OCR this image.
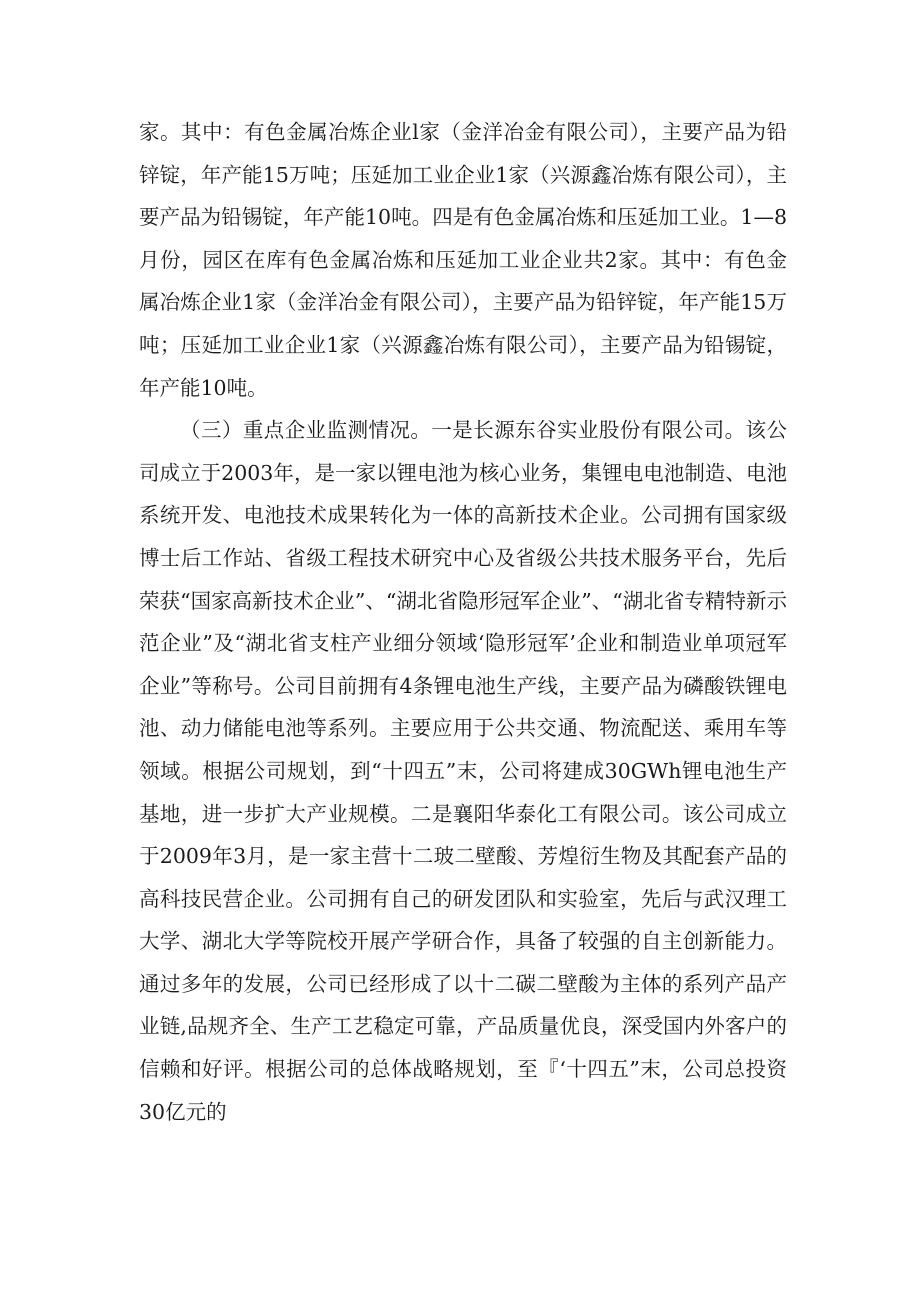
家。其中：有色金属冶炼企业l家（金洋冶金有限公司），主要产品为铅锌锭，年产能15万吨；压延加工业企业1家（兴源鑫冶炼有限公司），主要产品为铅锡锭，年产能10吨。四是有色金属冶炼和压延加工业。1—8月份，园区在库有色金属冶炼和压延加工业企业共2家。其中：有色金属冶炼企业1家（金洋冶金有限公司），主要产品为铅锌锭，年产能15万吨；压延加工业企业1家（兴源鑫冶炼有限公司），主要产品为铅锡锭，年产能10吨。

（三）重点企业监测情况。一是长源东谷实业股份有限公司。该公司成立于2003年，是一家以锂电池为核心业务，集锂电电池制造、电池系统开发、电池技术成果转化为一体的高新技术企业。公司拥有国家级博士后工作站、省级工程技术研究中心及省级公共技术服务平台，先后荣获“国家高新技术企业”、“湖北省隐形冠军企业”、“湖北省专精特新示范企业”及“湖北省支柱产业细分领域‘隐形冠军’企业和制造业单项冠军企业”等称号。公司目前拥有4条锂电池生产线，主要产品为磷酸铁锂电池、动力储能电池等系列。主要应用于公共交通、物流配送、乘用车等领域。根据公司规划，到“十四五”末，公司将建成30GWh锂电池生产基地，进一步扩大产业规模。二是襄阳华泰化工有限公司。该公司成立于2009年3月，是一家主营十二玻二壁酸、芳煌衍生物及其配套产品的高科技民营企业。公司拥有自己的研发团队和实验室，先后与武汉理工大学、湖北大学等院校开展产学研合作，具备了较强的自主创新能力。通过多年的发展，公司已经形成了以十二碳二壁酸为主体的系列产品产业链,品规齐全、生产工艺稳定可靠，产品质量优良，深受国内外客户的信赖和好评。根据公司的总体战略规划，至『‘十四五”末，公司总投资30亿元的
